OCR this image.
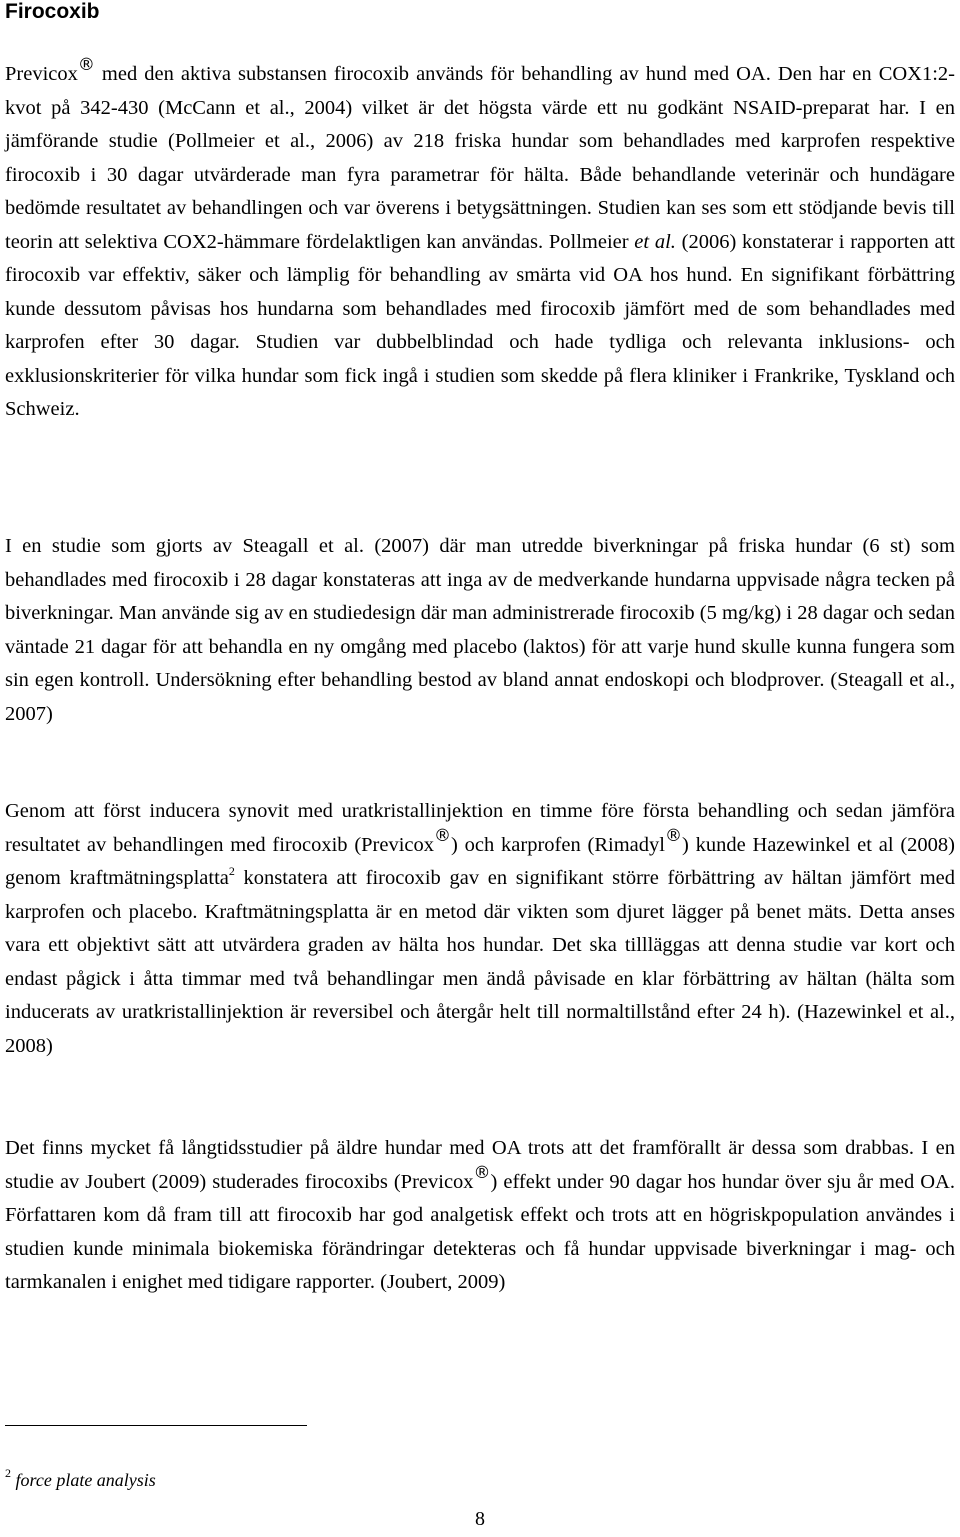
Firocoxib

Previcox® med den aktiva substansen firocoxib används för behandling av hund med OA. Den har en COX1:2-kvot på 342-430 (McCann et al., 2004) vilket är det högsta värde ett nu godkänt NSAID-preparat har. I en jämförande studie (Pollmeier et al., 2006) av 218 friska hundar som behandlades med karprofen respektive firocoxib i 30 dagar utvärderade man fyra parametrar för hälta. Både behandlande veterinär och hundägare bedömde resultatet av behandlingen och var överens i betygsättningen. Studien kan ses som ett stödjande bevis till teorin att selektiva COX2-hämmare fördelaktligen kan användas. Pollmeier et al. (2006) konstaterar i rapporten att firocoxib var effektiv, säker och lämplig för behandling av smärta vid OA hos hund. En signifikant förbättring kunde dessutom påvisas hos hundarna som behandlades med firocoxib jämfört med de som behandlades med karprofen efter 30 dagar. Studien var dubbelblindad och hade tydliga och relevanta inklusions- och exklusionskriterier för vilka hundar som fick ingå i studien som skedde på flera kliniker i Frankrike, Tyskland och Schweiz.

I en studie som gjorts av Steagall et al. (2007) där man utredde biverkningar på friska hundar (6 st) som behandlades med firocoxib i 28 dagar konstateras att inga av de medverkande hundarna uppvisade några tecken på biverkningar. Man använde sig av en studiedesign där man administrerade firocoxib (5 mg/kg) i 28 dagar och sedan väntade 21 dagar för att behandla en ny omgång med placebo (laktos) för att varje hund skulle kunna fungera som sin egen kontroll. Undersökning efter behandling bestod av bland annat endoskopi och blodprover. (Steagall et al., 2007)

Genom att först inducera synovit med uratkristallinjektion en timme före första behandling och sedan jämföra resultatet av behandlingen med firocoxib (Previcox®) och karprofen (Rimadyl®) kunde Hazewinkel et al (2008) genom kraftmätningsplatta$^2$ konstatera att firocoxib gav en signifikant större förbättring av hältan jämfört med karprofen och placebo. Kraftmätningsplatta är en metod där vikten som djuret lägger på benet mäts. Detta anses vara ett objektivt sätt att utvärdera graden av hälta hos hundar. Det ska tillläggas att denna studie var kort och endast pågick i åtta timmar med två behandlingar men ändå påvisade en klar förbättring av hältan (hälta som inducerats av uratkristallinjektion är reversibel och återgår helt till normaltillstånd efter 24 h). (Hazewinkel et al., 2008)

Det finns mycket få långtidsstudier på äldre hundar med OA trots att det framförallt är dessa som drabbas. I en studie av Joubert (2009) studerades firocoxibs (Previcox®) effekt under 90 dagar hos hundar över sju år med OA. Författaren kom då fram till att firocoxib har god analgetisk effekt och trots att en högriskpopulation användes i studien kunde minimala biokemiska förändringar detekteras och få hundar uppvisade biverkningar i mag- och tarmkanalen i enighet med tidigare rapporter. (Joubert, 2009)

$^2$ force plate analysis

8
